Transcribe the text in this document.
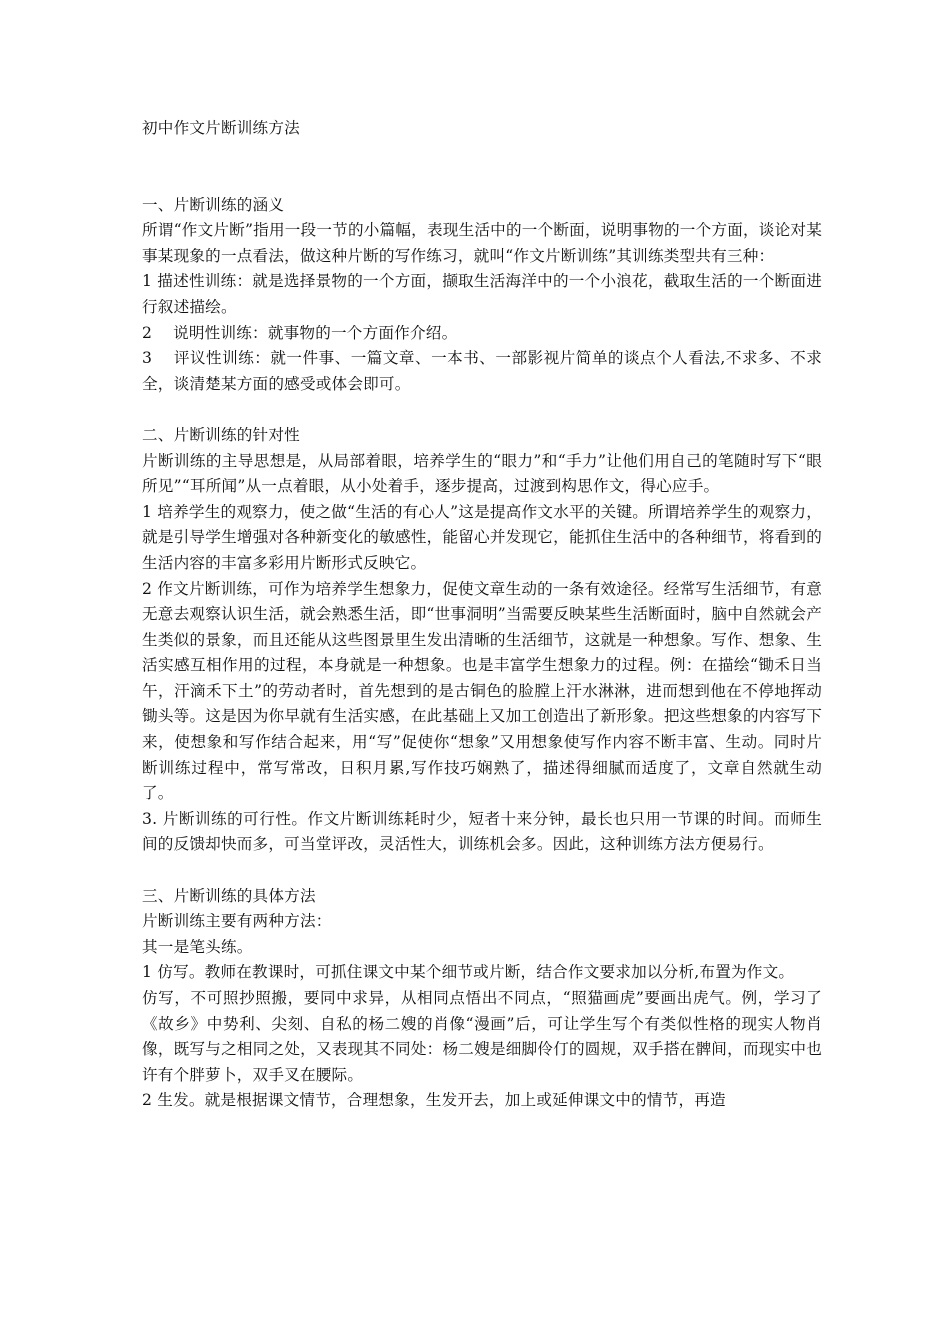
初中作文片断训练方法
一、片断训练的涵义

所谓“作文片断”指用一段一节的小篇幅，表现生活中的一个断面，说明事物的一个方面，谈论对某事某现象的一点看法，做这种片断的写作练习，就叫“作文片断训练”其训练类型共有三种：

1 描述性训练：就是选择景物的一个方面，撷取生活海洋中的一个小浪花，截取生活的一个断面进行叙述描绘。

2　 说明性训练：就事物的一个方面作介绍。

3　 评议性训练：就一件事、一篇文章、一本书、一部影视片简单的谈点个人看法,不求多、不求全，谈清楚某方面的感受或体会即可。

二、片断训练的针对性

片断训练的主导思想是，从局部着眼，培养学生的“眼力”和“手力”让他们用自己的笔随时写下“眼所见”“耳所闻”从一点着眼，从小处着手，逐步提高，过渡到构思作文，得心应手。

1 培养学生的观察力，使之做“生活的有心人”这是提高作文水平的关键。所谓培养学生的观察力，就是引导学生增强对各种新变化的敏感性，能留心并发现它，能抓住生活中的各种细节，将看到的生活内容的丰富多彩用片断形式反映它。

2 作文片断训练，可作为培养学生想象力，促使文章生动的一条有效途径。经常写生活细节，有意无意去观察认识生活，就会熟悉生活，即“世事洞明”当需要反映某些生活断面时，脑中自然就会产生类似的景象，而且还能从这些图景里生发出清晰的生活细节，这就是一种想象。写作、想象、生活实感互相作用的过程，本身就是一种想象。也是丰富学生想象力的过程。例：在描绘“锄禾日当午，汗滴禾下土”的劳动者时，首先想到的是古铜色的脸膛上汗水淋淋，进而想到他在不停地挥动锄头等。这是因为你早就有生活实感，在此基础上又加工创造出了新形象。把这些想象的内容写下来，使想象和写作结合起来，用“写”促使你“想象”又用想象使写作内容不断丰富、生动。同时片断训练过程中，常写常改，日积月累,写作技巧娴熟了，描述得细腻而适度了，文章自然就生动了。

3. 片断训练的可行性。作文片断训练耗时少，短者十来分钟，最长也只用一节课的时间。而师生间的反馈却快而多，可当堂评改，灵活性大，训练机会多。因此，这种训练方法方便易行。

三、片断训练的具体方法

片断训练主要有两种方法：

其一是笔头练。

1 仿写。教师在教课时，可抓住课文中某个细节或片断，结合作文要求加以分析,布置为作文。

仿写，不可照抄照搬，要同中求异，从相同点悟出不同点，“照猫画虎”要画出虎气。例，学习了《故乡》中势利、尖刻、自私的杨二嫂的肖像“漫画”后，可让学生写个有类似性格的现实人物肖像，既写与之相同之处，又表现其不同处：杨二嫂是细脚伶仃的圆规，双手搭在髀间，而现实中也许有个胖萝卜，双手叉在腰际。

2 生发。就是根据课文情节，合理想象，生发开去，加上或延伸课文中的情节，再造
